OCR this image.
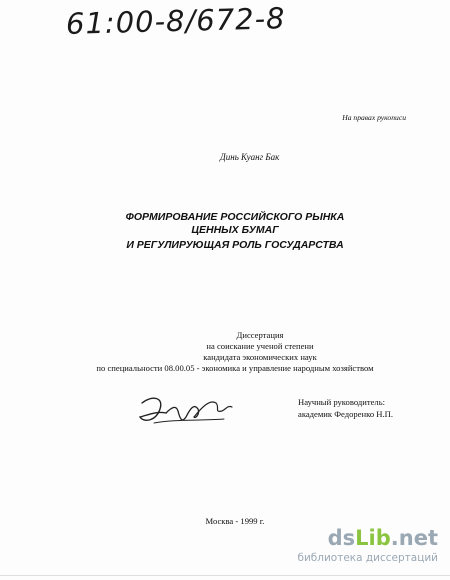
61:00-8/672-8
На правах рукописи
Динь Куанг Бак
ФОРМИРОВАНИЕ РОССИЙСКОГО РЫНКА
ЦЕННЫХ БУМАГ
И РЕГУЛИРУЮЩАЯ РОЛЬ ГОСУДАРСТВА
Диссертация
на соискание ученой степени
кандидата экономических наук
по специальности 08.00.05 - экономика и управление народным хозяйством
Научный руководитель:
академик Федоренко Н.П.
Москва - 1999 г.
dsLib.net
библиотека диссертаций
